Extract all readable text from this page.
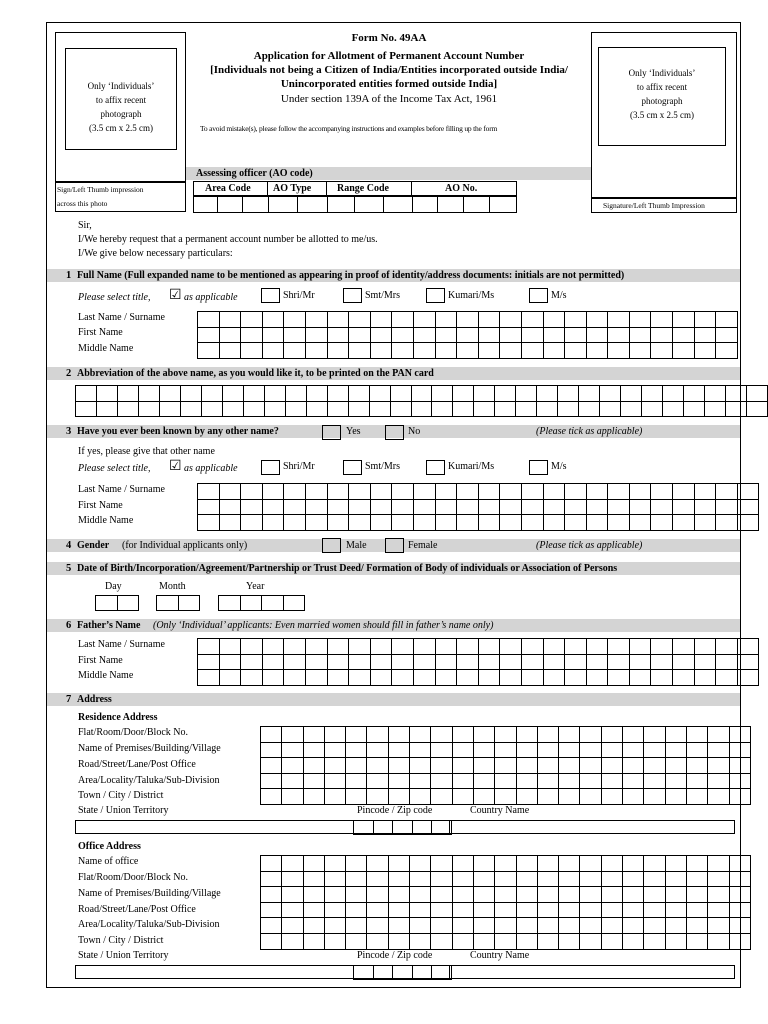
Only ‘Individuals’
to affix recent
photograph
(3.5 cm x 2.5 cm)
Sign/Left Thumb impression
across this photo
Only ‘Individuals’
to affix recent
photograph
(3.5 cm x 2.5 cm)
Signature/Left Thumb Impression
Form No. 49AA
Application for Allotment of Permanent Account Number
[Individuals not being a Citizen of India/Entities incorporated outside India/
Unincorporated entities formed outside India]
Under section 139A of the Income Tax Act, 1961
To avoid mistake(s), please follow the accompanying instructions and examples before filling up the form
Assessing officer (AO code)
Area Code AO Type	Range Code	AO No.

Sir,
I/We hereby request that a permanent account number be allotted to me/us.
I/We give below necessary particulars:
1 Full Name (Full expanded name to be mentioned as appearing in proof of identity/address documents: initials are not permitted)
Please select title, ☑ as applicable	Shri/Mr	Smt/Mrs	Kumari/Ms	M/s
Last Name / Surname
First Name
Middle Name

2 Abbreviation of the above name, as you would like it, to be printed on the PAN card

3 Have you ever been known by any other name?	Yes	No	(Please tick as applicable)
If yes, please give that other name
Please select title, ☑ as applicable	Shri/Mr	Smt/Mrs	Kumari/Ms	M/s
Last Name / Surname
First Name
Middle Name

4 Gender (for Individual applicants only)	Male	Female	(Please tick as applicable)
5 Date of Birth/Incorporation/Agreement/Partnership or Trust Deed/ Formation of Body of individuals or Association of Persons
Day	Month	Year

6 Father’s Name (Only ‘Individual’ applicants: Even married women should fill in father’s name only)
Last Name / Surname
First Name
Middle Name

7 Address
Residence Address
Flat/Room/Door/Block No.
Name of Premises/Building/Village
Road/Street/Lane/Post Office
Area/Locality/Taluka/Sub-Division
Town / City / District
State / Union Territory

																							Pincode / Zip code	Country Name

Office Address
Name of office
Flat/Room/Door/Block No.
Name of Premises/Building/Village
Road/Street/Lane/Post Office
Area/Locality/Taluka/Sub-Division
Town / City / District
State / Union Territory

																							Pincode / Zip code	Country Name
